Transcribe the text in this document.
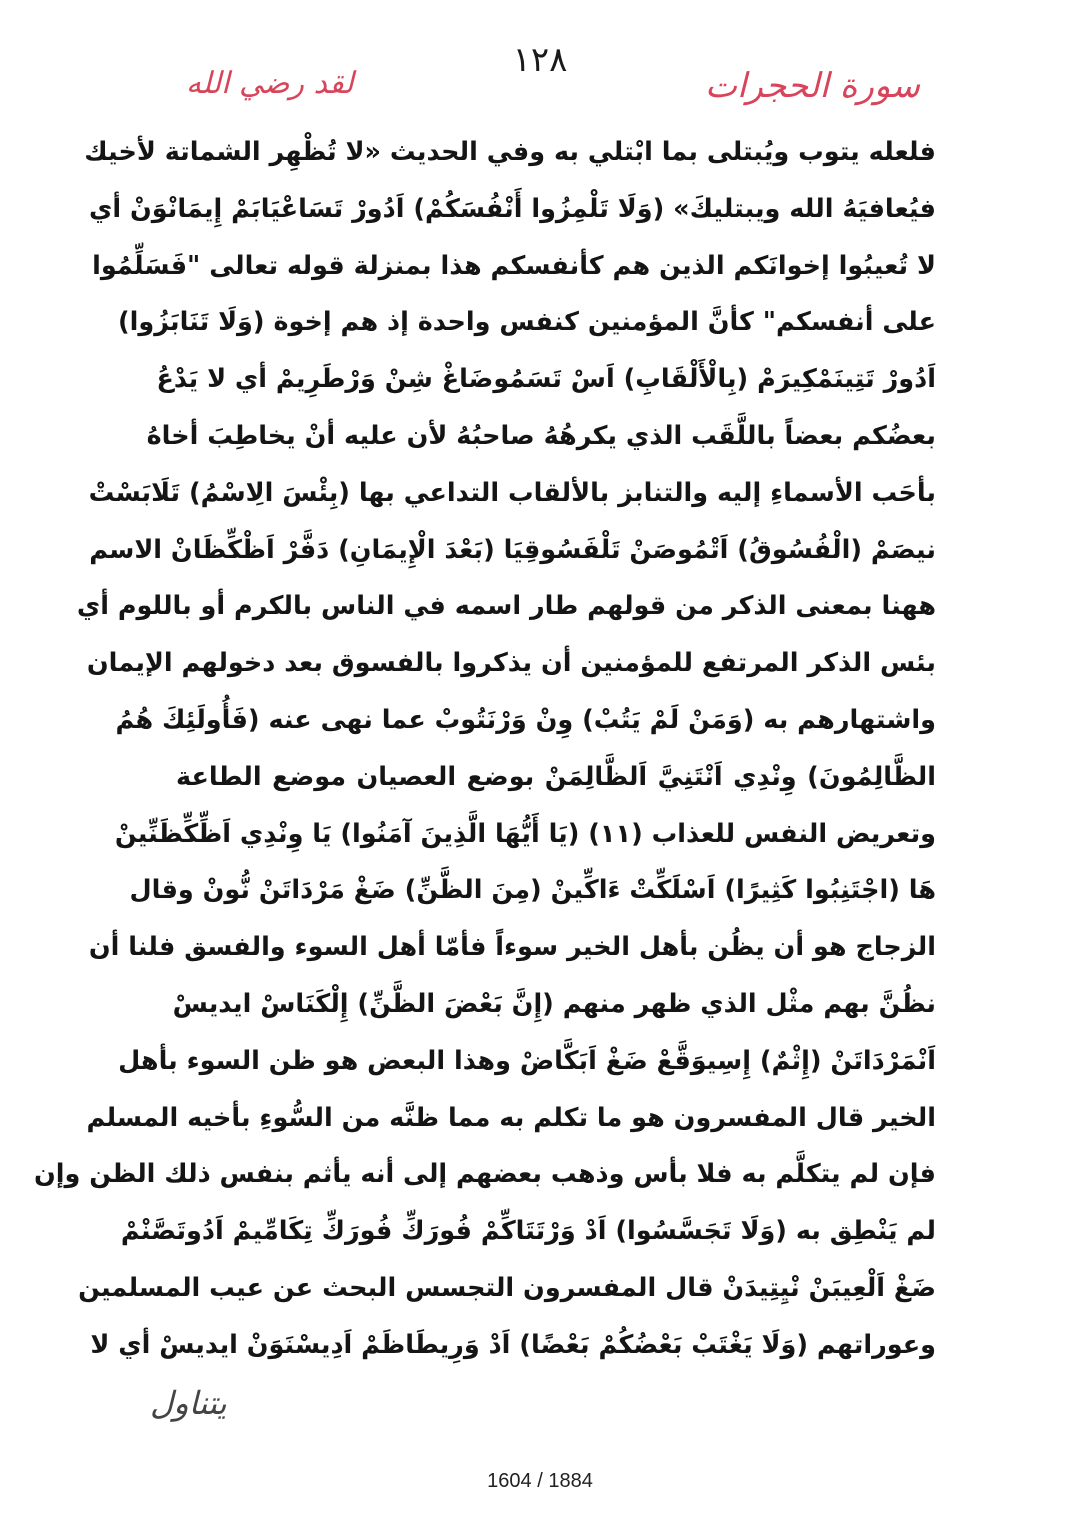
١٢٨
سورة الحجرات
لقد رضي الله
فلعله يتوب ويُبتلى بما ابْتلي به وفي الحديث «لا تُظْهِر الشماتة لأخيك
فيُعافيَهُ الله ويبتليكَ» (وَلَا تَلْمِزُوا أَنْفُسَكُمْ) اَدُورْ تَسَاعْيَابَمْ إِيمَانْوَنْ أي
لا تُعيبُوا إخوانَكم الذين هم كأنفسكم هذا بمنزلة قوله تعالى "فَسَلِّمُوا
على أنفسكم" كأنَّ المؤمنين كنفس واحدة إذ هم إخوة (وَلَا تَنَابَزُوا)
اَدُورْ تَتِينَمْكِيرَمْ (بِالْأَلْقَابِ) اَسْ تَسَمُوضَاغْ شِنْ وَرْطَرِيمْ أي لا يَدْعُ
بعضُكم بعضاً باللَّقَب الذي يكرهُهُ صاحبُهُ لأن عليه أنْ يخاطِبَ أخاهُ
بأحَب الأسماءِ إليه والتنابز بالألقاب التداعي بها (بِئْسَ الِاسْمُ) تَلَابَسْتْ
نيصَمْ (الْفُسُوقُ) اَتْمُوصَنْ تَلْفَسُوقِيَا (بَعْدَ الْإِيمَانِ) دَفَّرْ اَظْكِّظَانْ الاسم
ههنا بمعنى الذكر من قولهم طار اسمه في الناس بالكرم أو باللوم أي
بئس الذكر المرتفع للمؤمنين أن يذكروا بالفسوق بعد دخولهم الإيمان
واشتهارهم به (وَمَنْ لَمْ يَتُبْ) وِنْ وَرْنَتُوبْ عما نهى عنه (فَأُولَئِكَ هُمُ
الظَّالِمُونَ) وِنْدِي اَنْتَنِيَّ اَلظَّالِمَنْ بوضع العصيان موضع الطاعة
وتعريض النفس للعذاب (١١) (يَا أَيُّهَا الَّذِينَ آمَنُوا) يَا وِنْدِي اَظِّكِّظَنِّينْ
هَا (اجْتَنِبُوا كَثِيرًا) اَسْلَكِّتْ ءَاكِّينْ (مِنَ الظَّنِّ) ضَغْ مَرْدَاتَنْ نُّونْ وقال
الزجاج هو أن يظُن بأهل الخير سوءاً فأمّا أهل السوء والفسق فلنا أن
نظُنَّ بهم مثْل الذي ظهر منهم (إِنَّ بَعْضَ الظَّنِّ) إِلْكَنَاسْ ايديسْ
اَنْمَرْدَاتَنْ (إِثْمٌ) إِسِيوَقَّعْ ضَغْ اَبَكَّاضْ وهذا البعض هو ظن السوء بأهل
الخير قال المفسرون هو ما تكلم به مما ظنَّه من السُّوءِ بأخيه المسلم
فإن لم يتكلَّم به فلا بأس وذهب بعضهم إلى أنه يأثم بنفس ذلك الظن وإن
لم يَنْطِق به (وَلَا تَجَسَّسُوا) اَدْ وَرْتَتَاكِّمْ فُورَكِّ فُورَكِّ تِكَامِّيمْ اَدُوتَصَّنْمْ
ضَغْ اَلْعِيبَنْ نْيِتِيدَنْ قال المفسرون التجسس البحث عن عيب المسلمين
وعوراتهم (وَلَا يَغْتَبْ بَعْضُكُمْ بَعْضًا) اَدْ وَرِيطَاظَمْ اَدِيسْنَوَنْ ايديسْ أي لا
يتناول
1604 / 1884
